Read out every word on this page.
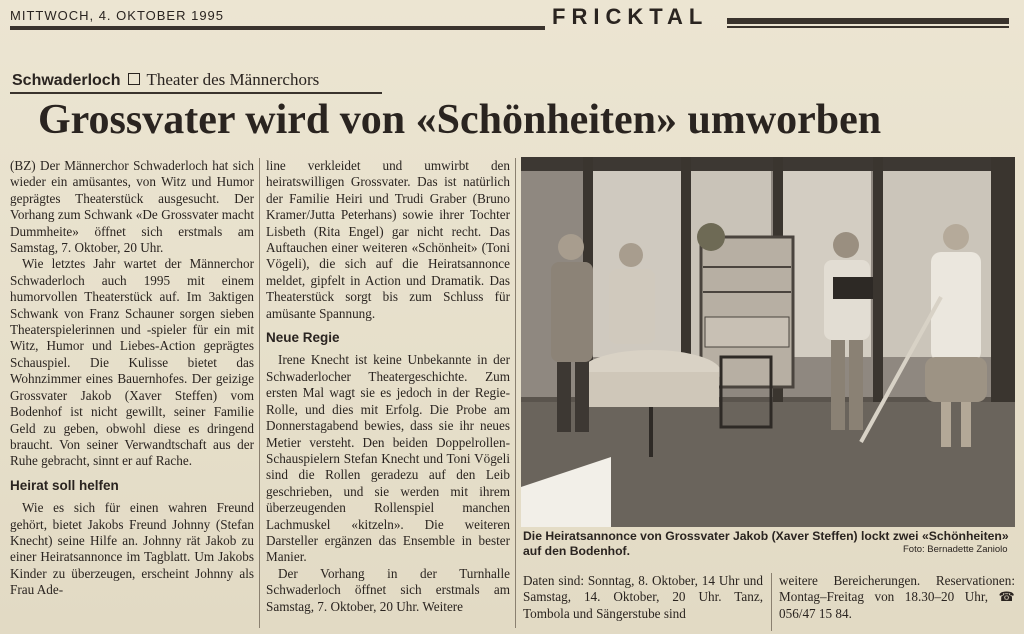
MITTWOCH, 4. OKTOBER 1995	FRICKTAL
Schwaderloch Theater des Männerchors
Grossvater wird von «Schönheiten» umworben

(BZ) Der Männerchor Schwaderloch hat sich wieder ein amüsantes, von Witz und Humor geprägtes Theaterstück ausgesucht. Der Vorhang zum Schwank «De Grossvater macht Dummheite» öffnet sich erstmals am Samstag, 7. Oktober, 20 Uhr.

Wie letztes Jahr wartet der Männerchor Schwaderloch auch 1995 mit einem humorvollen Theaterstück auf. Im 3aktigen Schwank von Franz Schauner sorgen sieben Theaterspielerinnen und -spieler für ein mit Witz, Humor und Liebes-Action geprägtes Schauspiel. Die Kulisse bietet das Wohnzimmer eines Bauernhofes. Der geizige Grossvater Jakob (Xaver Steffen) vom Bodenhof ist nicht gewillt, seiner Familie Geld zu geben, obwohl diese es dringend braucht. Von seiner Verwandtschaft aus der Ruhe gebracht, sinnt er auf Rache.

Heirat soll helfen

Wie es sich für einen wahren Freund gehört, bietet Jakobs Freund Johnny (Stefan Knecht) seine Hilfe an. Johnny rät Jakob zu einer Heiratsannonce im Tagblatt. Um Jakobs Kinder zu überzeugen, erscheint Johnny als Frau Ade-

line verkleidet und umwirbt den heiratswilligen Grossvater. Das ist natürlich der Familie Heiri und Trudi Graber (Bruno Kramer/Jutta Peterhans) sowie ihrer Tochter Lisbeth (Rita Engel) gar nicht recht. Das Auftauchen einer weiteren «Schönheit» (Toni Vögeli), die sich auf die Heiratsannonce meldet, gipfelt in Action und Dramatik. Das Theaterstück sorgt bis zum Schluss für amüsante Spannung.

Neue Regie

Irene Knecht ist keine Unbekannte in der Schwaderlocher Theatergeschichte. Zum ersten Mal wagt sie es jedoch in der Regie-Rolle, und dies mit Erfolg. Die Probe am Donnerstagabend bewies, dass sie ihr neues Metier versteht. Den beiden Doppelrollen-Schauspielern Stefan Knecht und Toni Vögeli sind die Rollen geradezu auf den Leib geschrieben, und sie werden mit ihrem überzeugenden Rollenspiel manchen Lachmuskel «kitzeln». Die weiteren Darsteller ergänzen das Ensemble in bester Manier.

Der Vorhang in der Turnhalle Schwaderloch öffnet sich erstmals am Samstag, 7. Oktober, 20 Uhr. Weitere

Die Heiratsannonce von Grossvater Jakob (Xaver Steffen) lockt zwei «Schönheiten» auf den Bodenhof.	Foto: Bernadette Zaniolo

Daten sind: Sonntag, 8. Oktober, 14 Uhr und Samstag, 14. Oktober, 20 Uhr. Tanz, Tombola und Sängerstube sind

weitere Bereicherungen. Reservationen: Montag–Freitag von 18.30–20 Uhr, ☎ 056/47 15 84.
